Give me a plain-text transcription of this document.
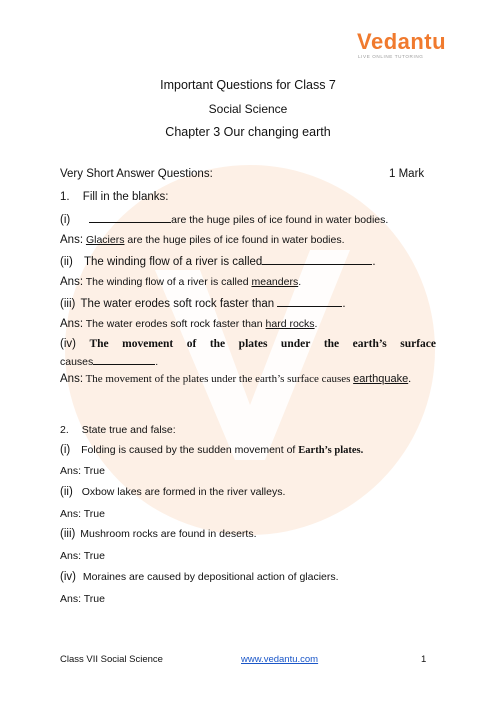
Vedantu
LIVE ONLINE TUTORING
Important Questions for Class 7
Social Science
Chapter 3 Our changing earth
Very Short Answer Questions:	1 Mark
1. Fill in the blanks:
(i)	are the huge piles of ice found in water bodies.
Ans: Glaciers are the huge piles of ice found in water bodies.
(ii) The winding flow of a river is called	.
Ans: The winding flow of a river is called meanders.
(iii) The water erodes soft rock faster than	.
Ans: The water erodes soft rock faster than hard rocks.
(iv) The movement of the plates under the earth’s surface
causes	.
Ans: The movement of the plates under the earth’s surface causes earthquake.
2. State true and false:
(i) Folding is caused by the sudden movement of Earth’s plates.
Ans: True
(ii) Oxbow lakes are formed in the river valleys.
Ans: True
(iii) Mushroom rocks are found in deserts.
Ans: True
(iv) Moraines are caused by depositional action of glaciers.
Ans: True
Class VII Social Science	www.vedantu.com	1
